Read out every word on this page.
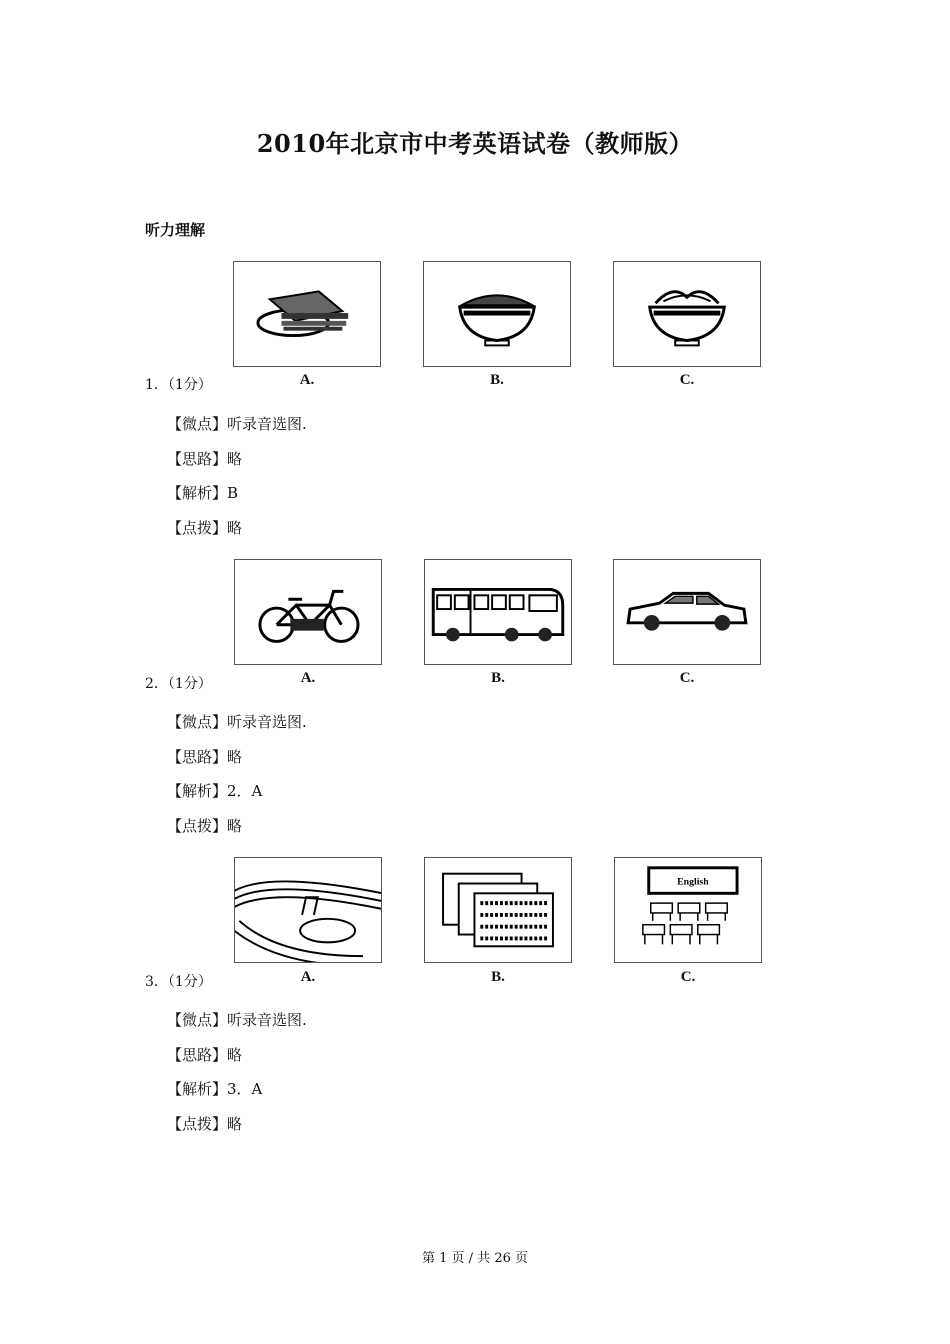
2010年北京市中考英语试卷（教师版）
听力理解
A.	B.	C.
1．（1分）
【微点】听录音选图.
【思路】略
【解析】B
【点拨】略
A.	B.	C.
2．（1分）
【微点】听录音选图.
【思路】略
【解析】2．A
【点拨】略
A.	B.
English
C.
3．（1分）
【微点】听录音选图.
【思路】略
【解析】3．A
【点拨】略
第 1 页 / 共 26 页
